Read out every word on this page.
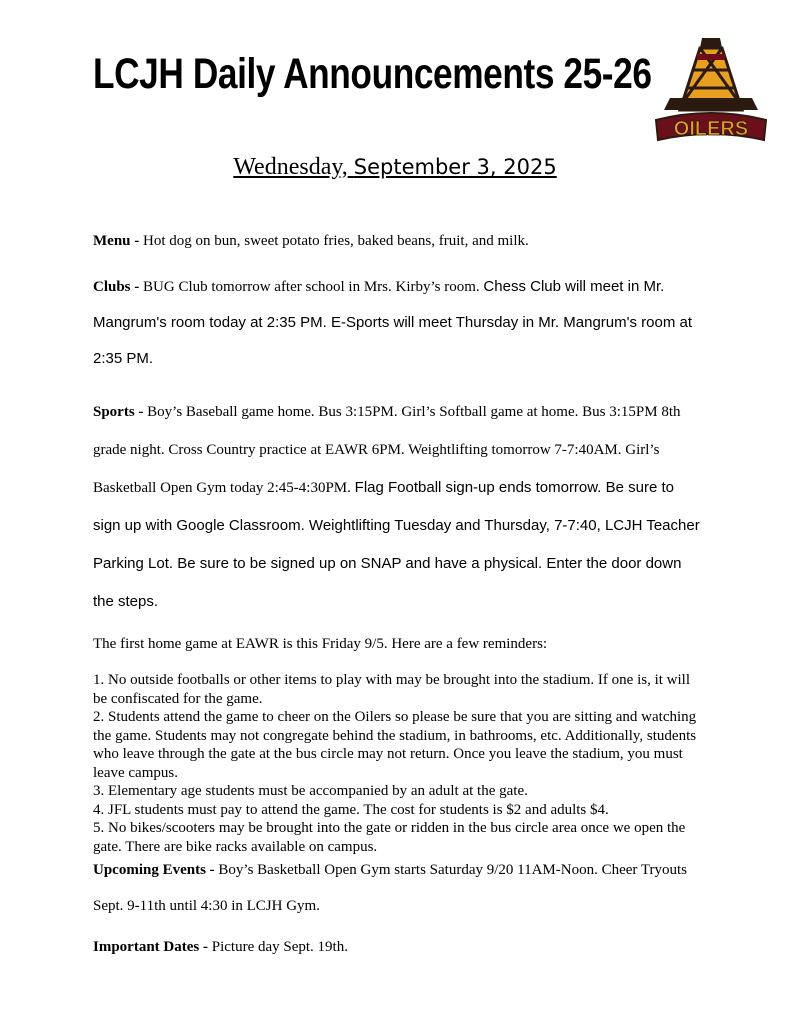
LCJH Daily Announcements 25-26
OILERS
Wednesday, September 3, 2025
Menu - Hot dog on bun, sweet potato fries, baked beans, fruit, and milk.
Clubs - BUG Club tomorrow after school in Mrs. Kirby’s room. Chess Club will meet in Mr. Mangrum's room today at 2:35 PM. E-Sports will meet Thursday in Mr. Mangrum's room at 2:35 PM.
Sports - Boy’s Baseball game home. Bus 3:15PM. Girl’s Softball game at home. Bus 3:15PM 8th grade night. Cross Country practice at EAWR 6PM. Weightlifting tomorrow 7-7:40AM. Girl’s Basketball Open Gym today 2:45-4:30PM. Flag Football sign-up ends tomorrow. Be sure to sign up with Google Classroom. Weightlifting Tuesday and Thursday, 7-7:40, LCJH Teacher Parking Lot. Be sure to be signed up on SNAP and have a physical. Enter the door down the steps.
The first home game at EAWR is this Friday 9/5. Here are a few reminders:
1. No outside footballs or other items to play with may be brought into the stadium. If one is, it will be confiscated for the game.
2. Students attend the game to cheer on the Oilers so please be sure that you are sitting and watching the game. Students may not congregate behind the stadium, in bathrooms, etc. Additionally, students who leave through the gate at the bus circle may not return. Once you leave the stadium, you must leave campus.
3. Elementary age students must be accompanied by an adult at the gate.
4. JFL students must pay to attend the game. The cost for students is $2 and adults $4.
5. No bikes/scooters may be brought into the gate or ridden in the bus circle area once we open the gate. There are bike racks available on campus.
Upcoming Events - Boy’s Basketball Open Gym starts Saturday 9/20 11AM-Noon. Cheer Tryouts Sept. 9-11th until 4:30 in LCJH Gym.
Important Dates - Picture day Sept. 19th.
